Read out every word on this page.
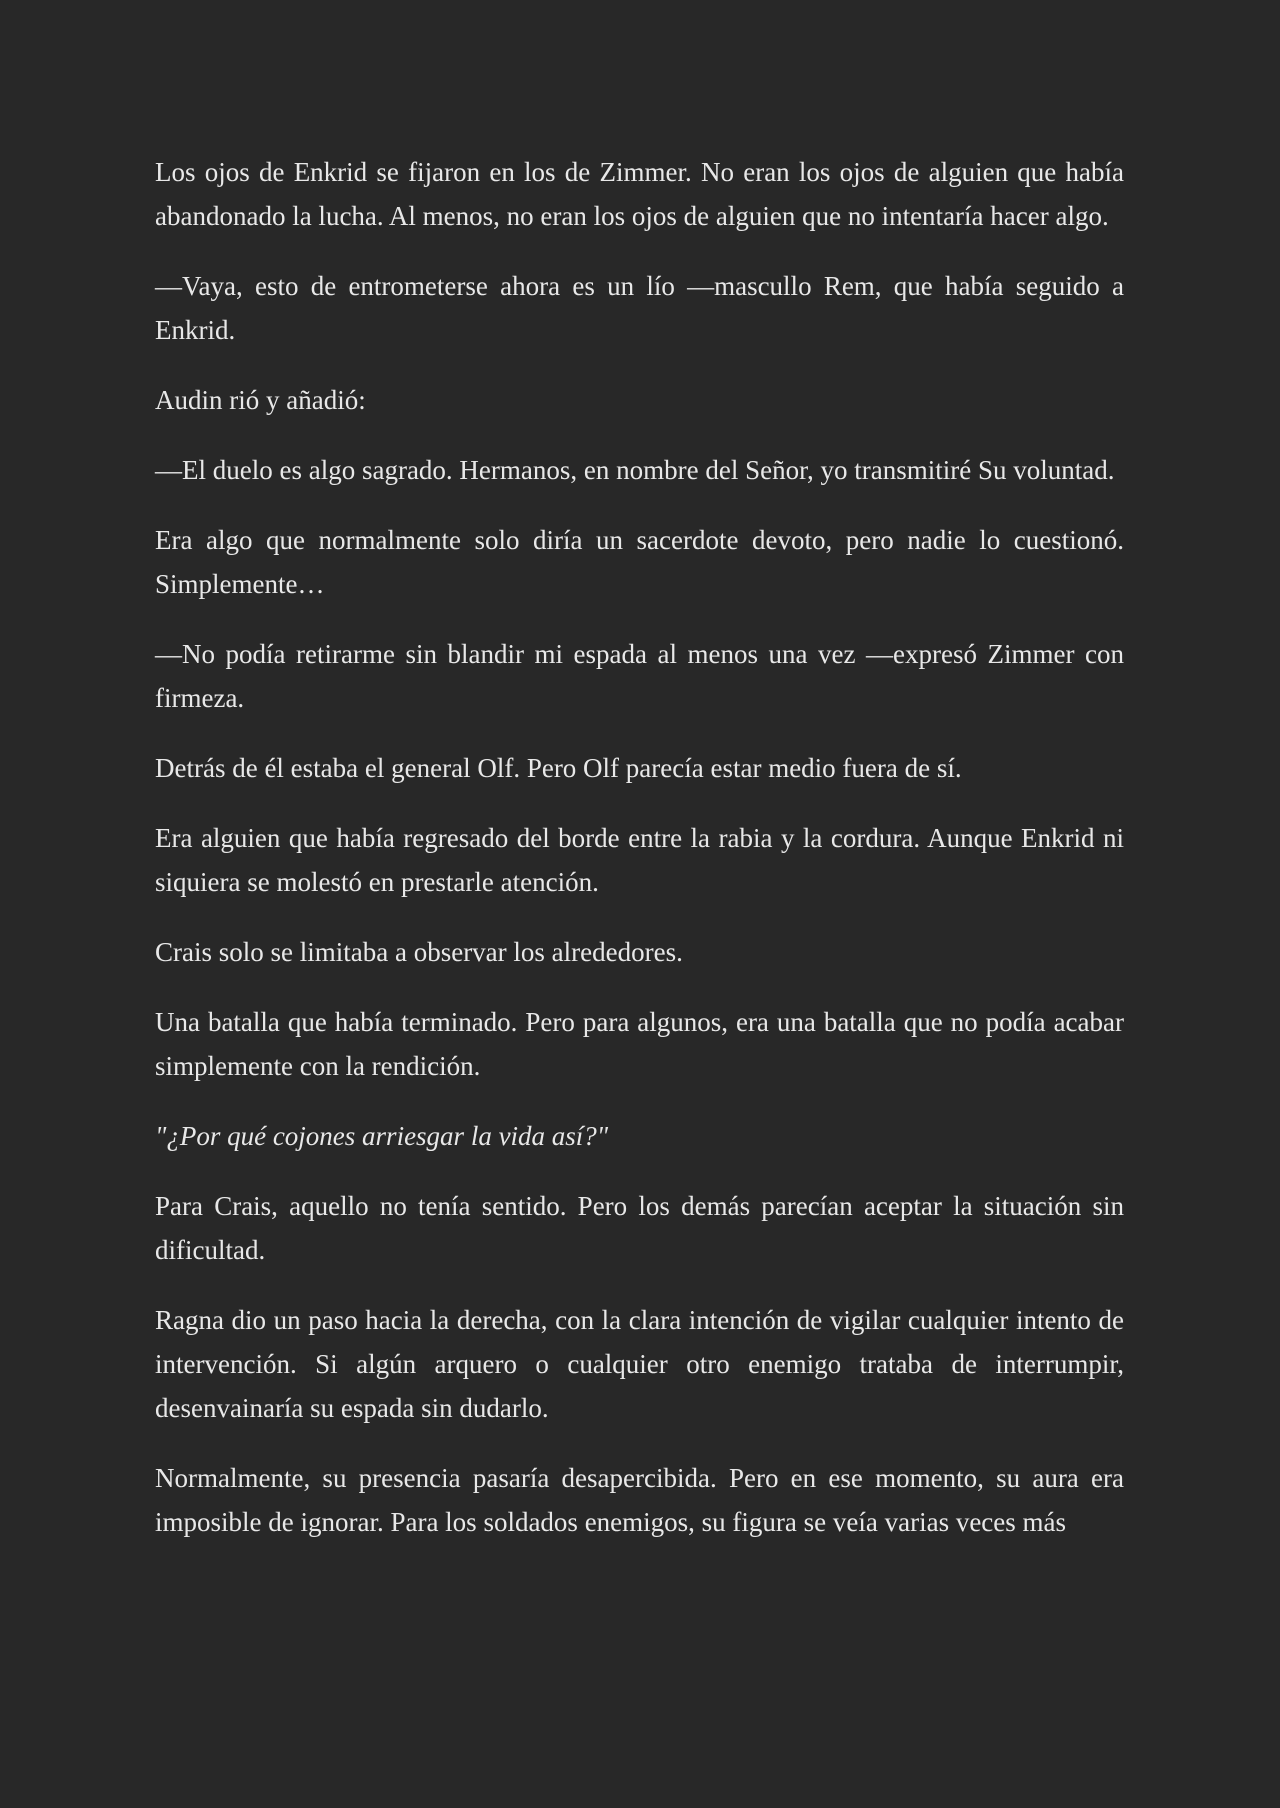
Los ojos de Enkrid se fijaron en los de Zimmer. No eran los ojos de alguien que había abandonado la lucha. Al menos, no eran los ojos de alguien que no intentaría hacer algo.

—Vaya, esto de entrometerse ahora es un lío —mascullo Rem, que había seguido a Enkrid.

Audin rió y añadió:

—El duelo es algo sagrado. Hermanos, en nombre del Señor, yo transmitiré Su voluntad.

Era algo que normalmente solo diría un sacerdote devoto, pero nadie lo cuestionó. Simplemente…

—No podía retirarme sin blandir mi espada al menos una vez —expresó Zimmer con firmeza.

Detrás de él estaba el general Olf. Pero Olf parecía estar medio fuera de sí.

Era alguien que había regresado del borde entre la rabia y la cordura. Aunque Enkrid ni siquiera se molestó en prestarle atención.

Crais solo se limitaba a observar los alrededores.

Una batalla que había terminado. Pero para algunos, era una batalla que no podía acabar simplemente con la rendición.

"¿Por qué cojones arriesgar la vida así?"

Para Crais, aquello no tenía sentido. Pero los demás parecían aceptar la situación sin dificultad.

Ragna dio un paso hacia la derecha, con la clara intención de vigilar cualquier intento de intervención. Si algún arquero o cualquier otro enemigo trataba de interrumpir, desenvainaría su espada sin dudarlo.

Normalmente, su presencia pasaría desapercibida. Pero en ese momento, su aura era imposible de ignorar. Para los soldados enemigos, su figura se veía varias veces más
